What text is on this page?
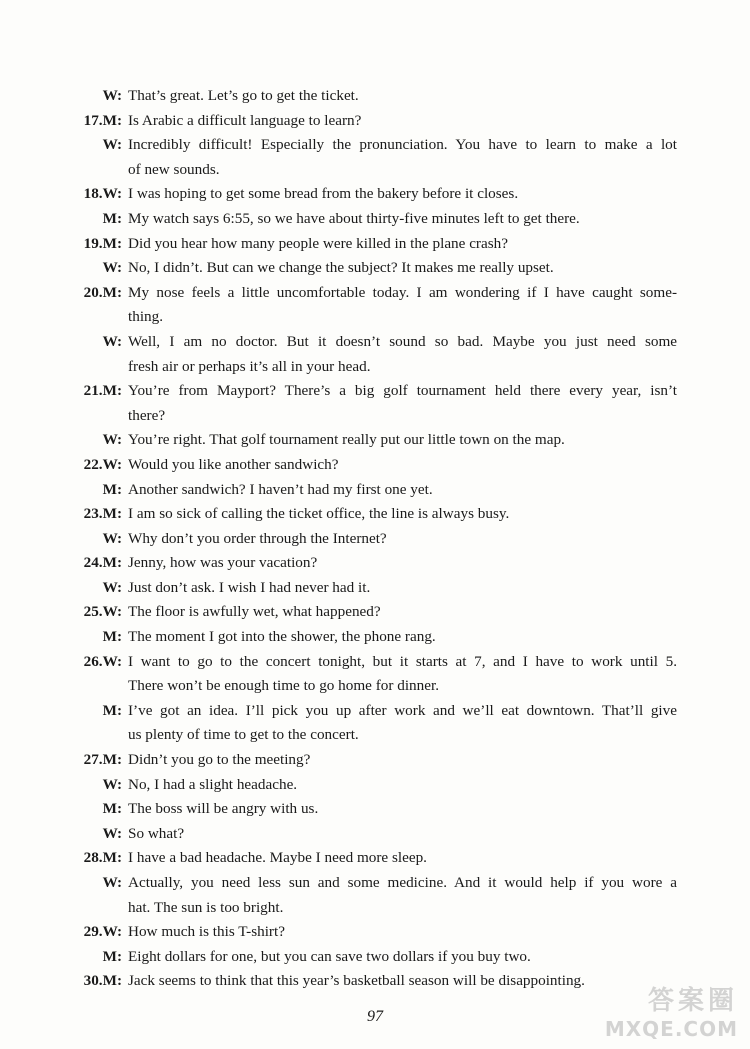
W: That’s great. Let’s go to get the ticket.
17.M: Is Arabic a difficult language to learn?
W: Incredibly difficult! Especially the pronunciation. You have to learn to make a lot
of new sounds.
18.W: I was hoping to get some bread from the bakery before it closes.
M: My watch says 6:55, so we have about thirty-five minutes left to get there.
19.M: Did you hear how many people were killed in the plane crash?
W: No, I didn’t. But can we change the subject? It makes me really upset.
20.M: My nose feels a little uncomfortable today. I am wondering if I have caught some-
thing.
W: Well, I am no doctor. But it doesn’t sound so bad. Maybe you just need some
fresh air or perhaps it’s all in your head.
21.M: You’re from Mayport? There’s a big golf tournament held there every year, isn’t
there?
W: You’re right. That golf tournament really put our little town on the map.
22.W: Would you like another sandwich?
M: Another sandwich? I haven’t had my first one yet.
23.M: I am so sick of calling the ticket office, the line is always busy.
W: Why don’t you order through the Internet?
24.M: Jenny, how was your vacation?
W: Just don’t ask. I wish I had never had it.
25.W: The floor is awfully wet, what happened?
M: The moment I got into the shower, the phone rang.
26.W: I want to go to the concert tonight, but it starts at 7, and I have to work until 5.
There won’t be enough time to go home for dinner.
M: I’ve got an idea. I’ll pick you up after work and we’ll eat downtown. That’ll give
us plenty of time to get to the concert.
27.M: Didn’t you go to the meeting?
W: No, I had a slight headache.
M: The boss will be angry with us.
W: So what?
28.M: I have a bad headache. Maybe I need more sleep.
W: Actually, you need less sun and some medicine. And it would help if you wore a
hat. The sun is too bright.
29.W: How much is this T-shirt?
M: Eight dollars for one, but you can save two dollars if you buy two.
30.M: Jack seems to think that this year’s basketball season will be disappointing.
97
答案圈
MXQE.COM
